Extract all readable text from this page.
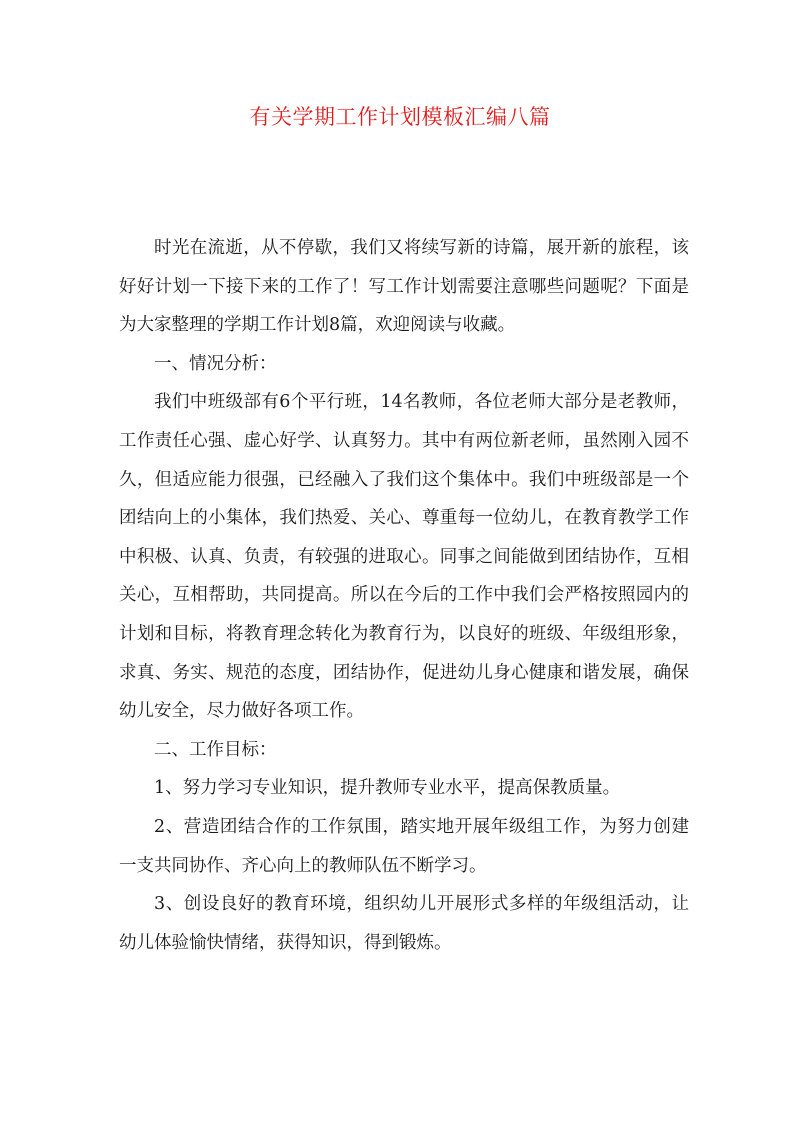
有关学期工作计划模板汇编八篇

时光在流逝，从不停歇，我们又将续写新的诗篇，展开新的旅程，该好好计划一下接下来的工作了！写工作计划需要注意哪些问题呢？下面是为大家整理的学期工作计划8篇，欢迎阅读与收藏。

一、情况分析：

我们中班级部有6个平行班，14名教师，各位老师大部分是老教师，工作责任心强、虚心好学、认真努力。其中有两位新老师，虽然刚入园不久，但适应能力很强，已经融入了我们这个集体中。我们中班级部是一个团结向上的小集体，我们热爱、关心、尊重每一位幼儿，在教育教学工作中积极、认真、负责，有较强的进取心。同事之间能做到团结协作，互相关心，互相帮助，共同提高。所以在今后的工作中我们会严格按照园内的计划和目标，将教育理念转化为教育行为，以良好的班级、年级组形象，求真、务实、规范的态度，团结协作，促进幼儿身心健康和谐发展，确保幼儿安全，尽力做好各项工作。

二、工作目标：

1、努力学习专业知识，提升教师专业水平，提高保教质量。

2、营造团结合作的工作氛围，踏实地开展年级组工作，为努力创建一支共同协作、齐心向上的教师队伍不断学习。

3、创设良好的教育环境，组织幼儿开展形式多样的年级组活动，让幼儿体验愉快情绪，获得知识，得到锻炼。
